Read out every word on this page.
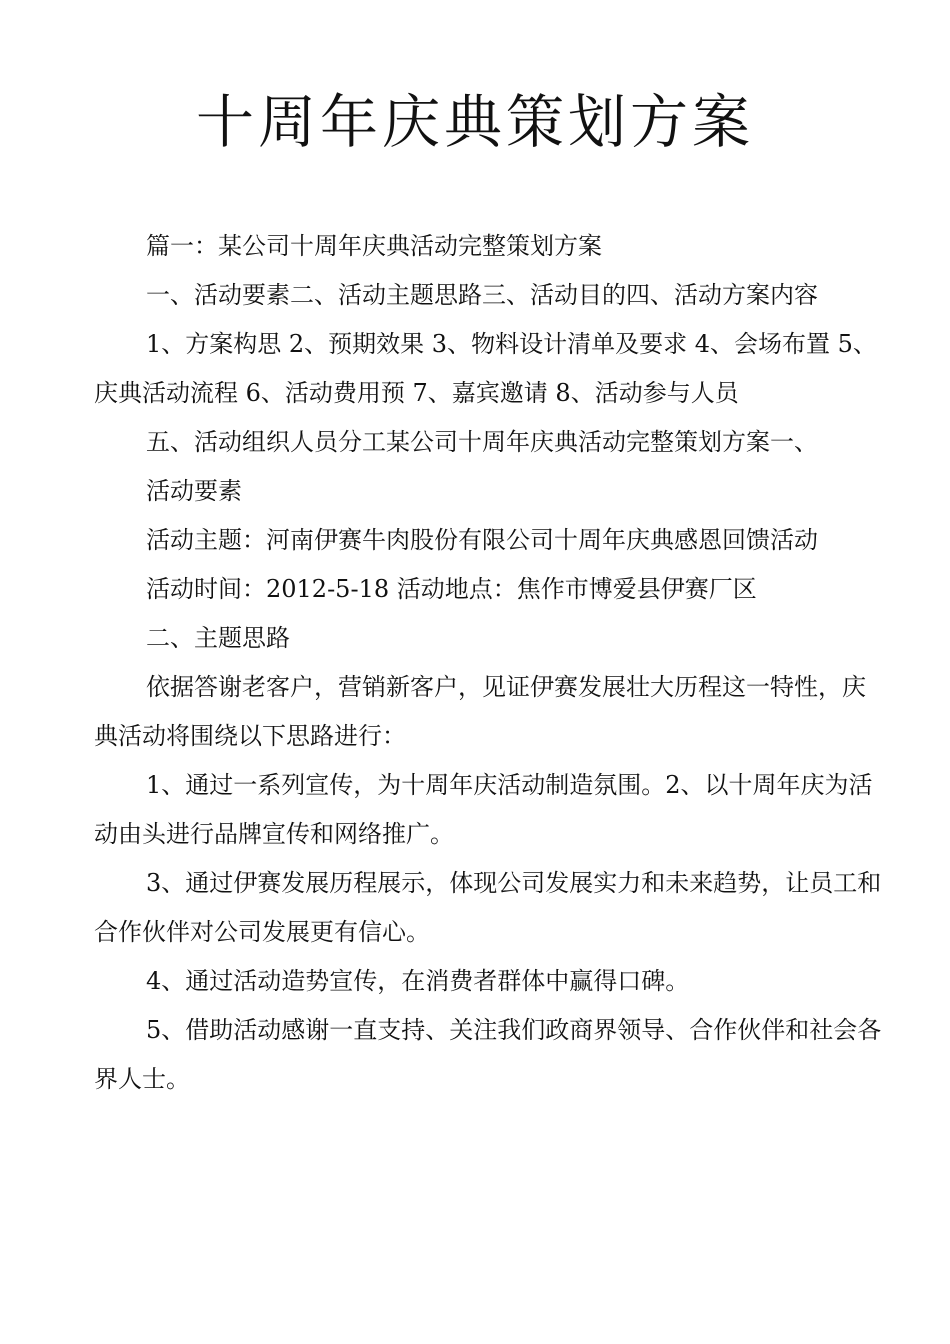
十周年庆典策划方案

篇一：某公司十周年庆典活动完整策划方案

一、活动要素二、活动主题思路三、活动目的四、活动方案内容

1、方案构思 2、预期效果 3、物料设计清单及要求 4、会场布置 5、庆典活动流程 6、活动费用预 7、嘉宾邀请 8、活动参与人员

五、活动组织人员分工某公司十周年庆典活动完整策划方案一、

活动要素

活动主题：河南伊赛牛肉股份有限公司十周年庆典感恩回馈活动

活动时间：2012-5-18 活动地点：焦作市博爱县伊赛厂区

二、主题思路

依据答谢老客户，营销新客户，见证伊赛发展壮大历程这一特性，庆典活动将围绕以下思路进行：

1、通过一系列宣传，为十周年庆活动制造氛围。2、以十周年庆为活动由头进行品牌宣传和网络推广。

3、通过伊赛发展历程展示，体现公司发展实力和未来趋势，让员工和合作伙伴对公司发展更有信心。

4、通过活动造势宣传，在消费者群体中赢得口碑。

5、借助活动感谢一直支持、关注我们政商界领导、合作伙伴和社会各界人士。
